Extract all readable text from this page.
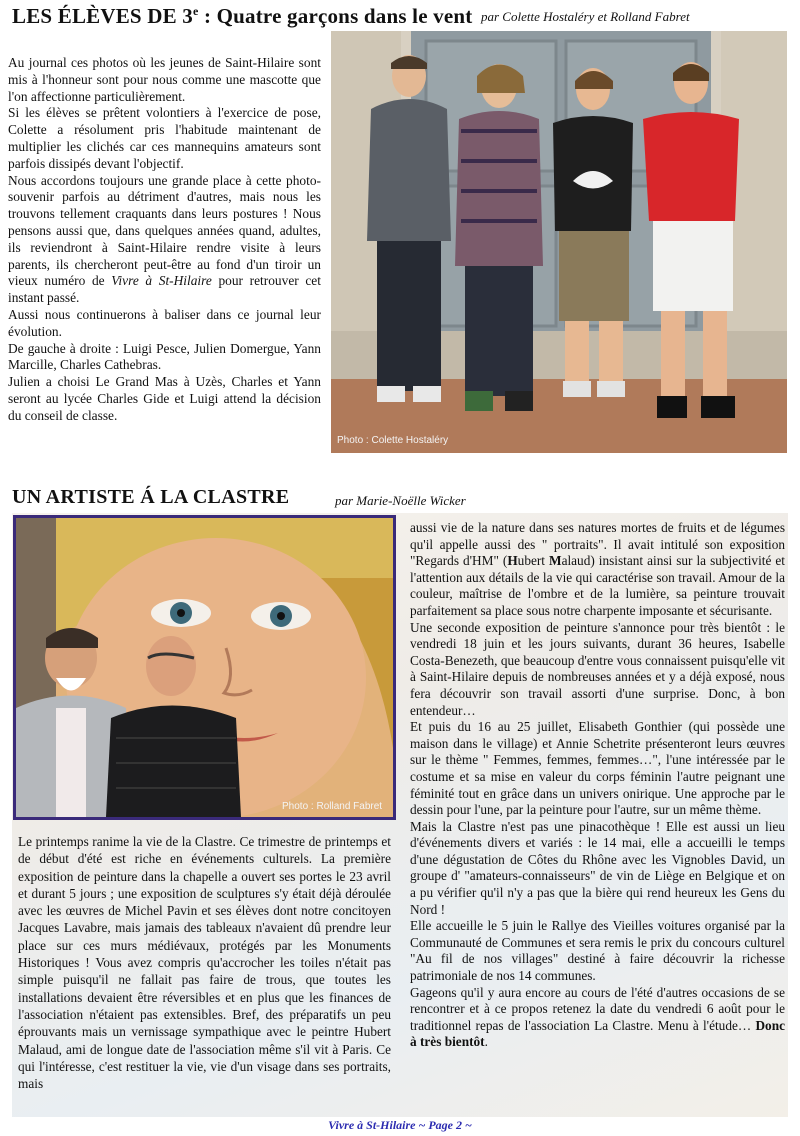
LES ÉLÈVES DE 3e : Quatre garçons dans le vent par Colette Hostaléry et Rolland Fabret

Au journal ces photos où les jeunes de Saint-Hilaire sont mis à l'honneur sont pour nous comme une mascotte que l'on affectionne particulièrement.

Si les élèves se prêtent volontiers à l'exercice de pose, Colette a résolument pris l'habitude maintenant de multiplier les clichés car ces mannequins amateurs sont parfois dissipés devant l'objectif.

Nous accordons toujours une grande place à cette photo-souvenir parfois au détriment d'autres, mais nous les trouvons tellement craquants dans leurs postures ! Nous pensons aussi que, dans quelques années quand, adultes, ils reviendront à Saint-Hilaire rendre visite à leurs parents, ils chercheront peut-être au fond d'un tiroir un vieux numéro de Vivre à St-Hilaire pour retrouver cet instant passé.

Aussi nous continuerons à baliser dans ce journal leur évolution.

De gauche à droite : Luigi Pesce, Julien Domergue, Yann Marcille, Charles Cathebras.

Julien a choisi Le Grand Mas à Uzès, Charles et Yann seront au lycée Charles Gide et Luigi attend la décision du conseil de classe.

Photo : Colette Hostaléry
UN ARTISTE Á LA CLASTRE	par Marie-Noëlle Wicker
Photo : Rolland Fabret

Le printemps ranime la vie de la Clastre. Ce trimestre de printemps et de début d'été est riche en événements culturels. La première exposition de peinture dans la chapelle a ouvert ses portes le 23 avril et durant 5 jours ; une exposition de sculptures s'y était déjà déroulée avec les œuvres de Michel Pavin et ses élèves dont notre concitoyen Jacques Lavabre, mais jamais des tableaux n'avaient dû prendre leur place sur ces murs médiévaux, protégés par les Monuments Historiques ! Vous avez compris qu'accrocher les toiles n'était pas simple puisqu'il ne fallait pas faire de trous, que toutes les installations devaient être réversibles et en plus que les finances de l'association n'étaient pas extensibles. Bref, des préparatifs un peu éprouvants mais un vernissage sympathique avec le peintre Hubert Malaud, ami de longue date de l'association même s'il vit à Paris. Ce qui l'intéresse, c'est restituer la vie, vie d'un visage dans ses portraits, mais

aussi vie de la nature dans ses natures mortes de fruits et de légumes qu'il appelle aussi des " portraits". Il avait intitulé son exposition "Regards d'HM" (Hubert Malaud) insistant ainsi sur la subjectivité et l'attention aux détails de la vie qui caractérise son travail. Amour de la couleur, maîtrise de l'ombre et de la lumière, sa peinture trouvait parfaitement sa place sous notre charpente imposante et sécurisante.

Une seconde exposition de peinture s'annonce pour très bientôt : le vendredi 18 juin et les jours suivants, durant 36 heures, Isabelle Costa-Benezeth, que beaucoup d'entre vous connaissent puisqu'elle vit à Saint-Hilaire depuis de nombreuses années et y a déjà exposé, nous fera découvrir son travail assorti d'une surprise. Donc, à bon entendeur…

Et puis du 16 au 25 juillet, Elisabeth Gonthier (qui possède une maison dans le village) et Annie Schetrite présenteront leurs œuvres sur le thème " Femmes, femmes, femmes…", l'une intéressée par le costume et sa mise en valeur du corps féminin l'autre peignant une féminité tout en grâce dans un univers onirique. Une approche par le dessin pour l'une, par la peinture pour l'autre, sur un même thème.

Mais la Clastre n'est pas une pinacothèque ! Elle est aussi un lieu d'événements divers et variés : le 14 mai, elle a accueilli le temps d'une dégustation de Côtes du Rhône avec les Vignobles David, un groupe d' "amateurs-connaisseurs" de vin de Liège en Belgique et on a pu vérifier qu'il n'y a pas que la bière qui rend heureux les Gens du Nord !

Elle accueille le 5 juin le Rallye des Vieilles voitures organisé par la Communauté de Communes et sera remis le prix du concours culturel "Au fil de nos villages" destiné à faire découvrir la richesse patrimoniale de nos 14 communes.

Gageons qu'il y aura encore au cours de l'été d'autres occasions de se rencontrer et à ce propos retenez la date du vendredi 6 août pour le traditionnel repas de l'association La Clastre. Menu à l'étude… Donc à très bientôt.

Vivre à St-Hilaire ~ Page 2 ~
